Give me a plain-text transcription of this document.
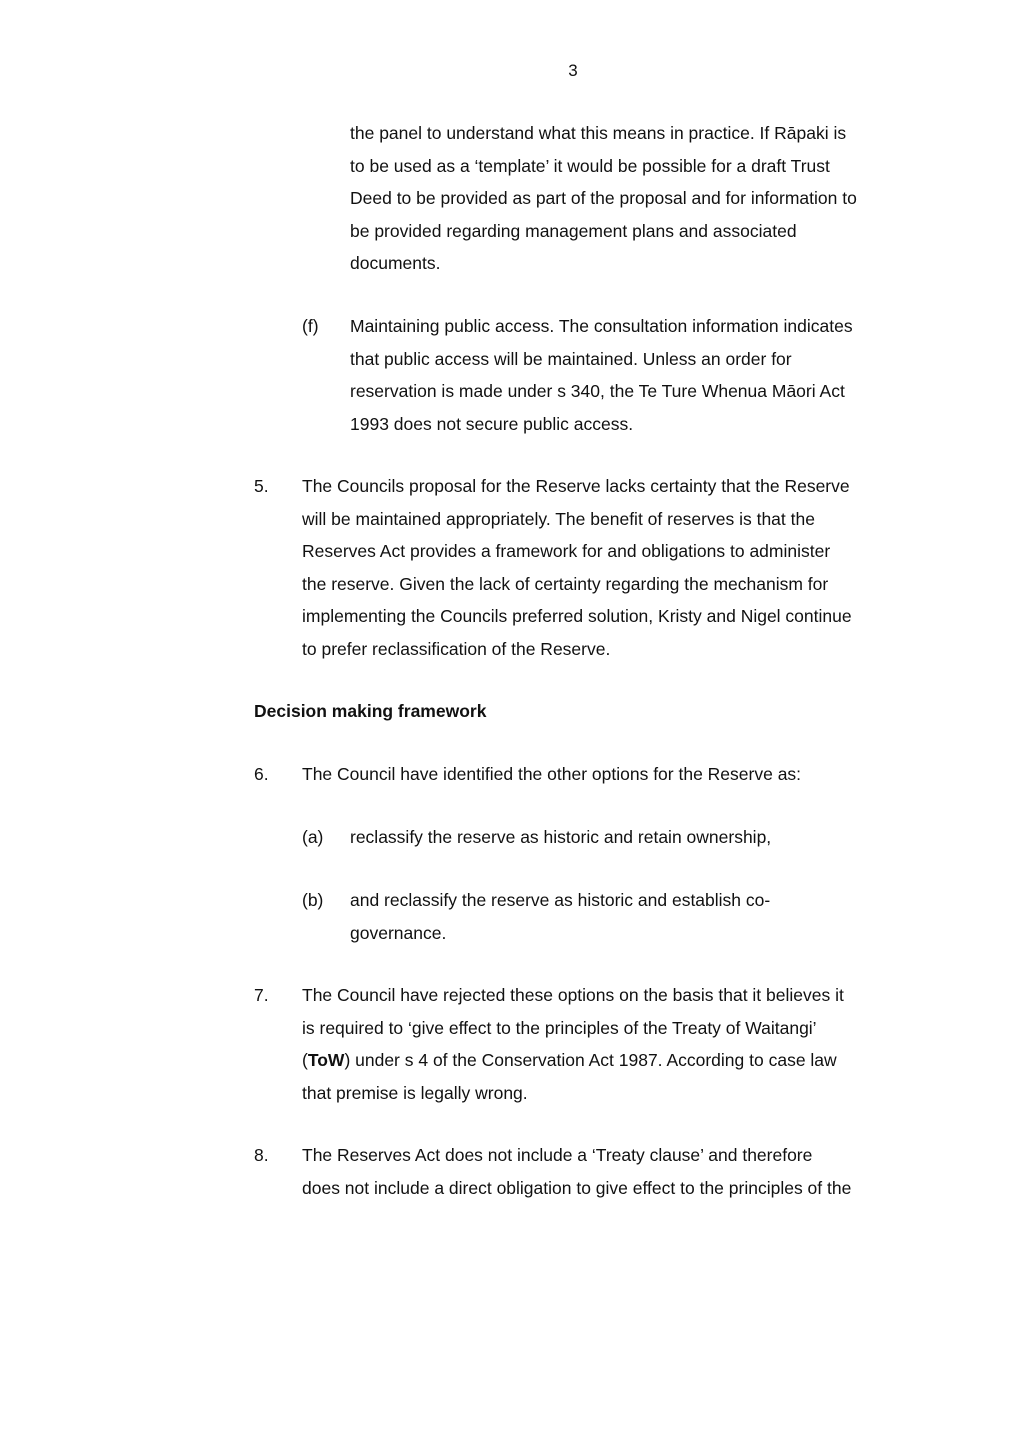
3
the panel to understand what this means in practice. If Rāpaki is
to be used as a ‘template’ it would be possible for a draft Trust
Deed to be provided as part of the proposal and for information to
be provided regarding management plans and associated
documents.
(f) Maintaining public access. The consultation information indicates
that public access will be maintained. Unless an order for
reservation is made under s 340, the Te Ture Whenua Māori Act
1993 does not secure public access.
5. The Councils proposal for the Reserve lacks certainty that the Reserve
will be maintained appropriately. The benefit of reserves is that the
Reserves Act provides a framework for and obligations to administer
the reserve. Given the lack of certainty regarding the mechanism for
implementing the Councils preferred solution, Kristy and Nigel continue
to prefer reclassification of the Reserve.
Decision making framework
6. The Council have identified the other options for the Reserve as:
(a) reclassify the reserve as historic and retain ownership,
(b) and reclassify the reserve as historic and establish co-
governance.
7. The Council have rejected these options on the basis that it believes it
is required to ‘give effect to the principles of the Treaty of Waitangi’
(ToW) under s 4 of the Conservation Act 1987. According to case law
that premise is legally wrong.
8. The Reserves Act does not include a ‘Treaty clause’ and therefore
does not include a direct obligation to give effect to the principles of the
